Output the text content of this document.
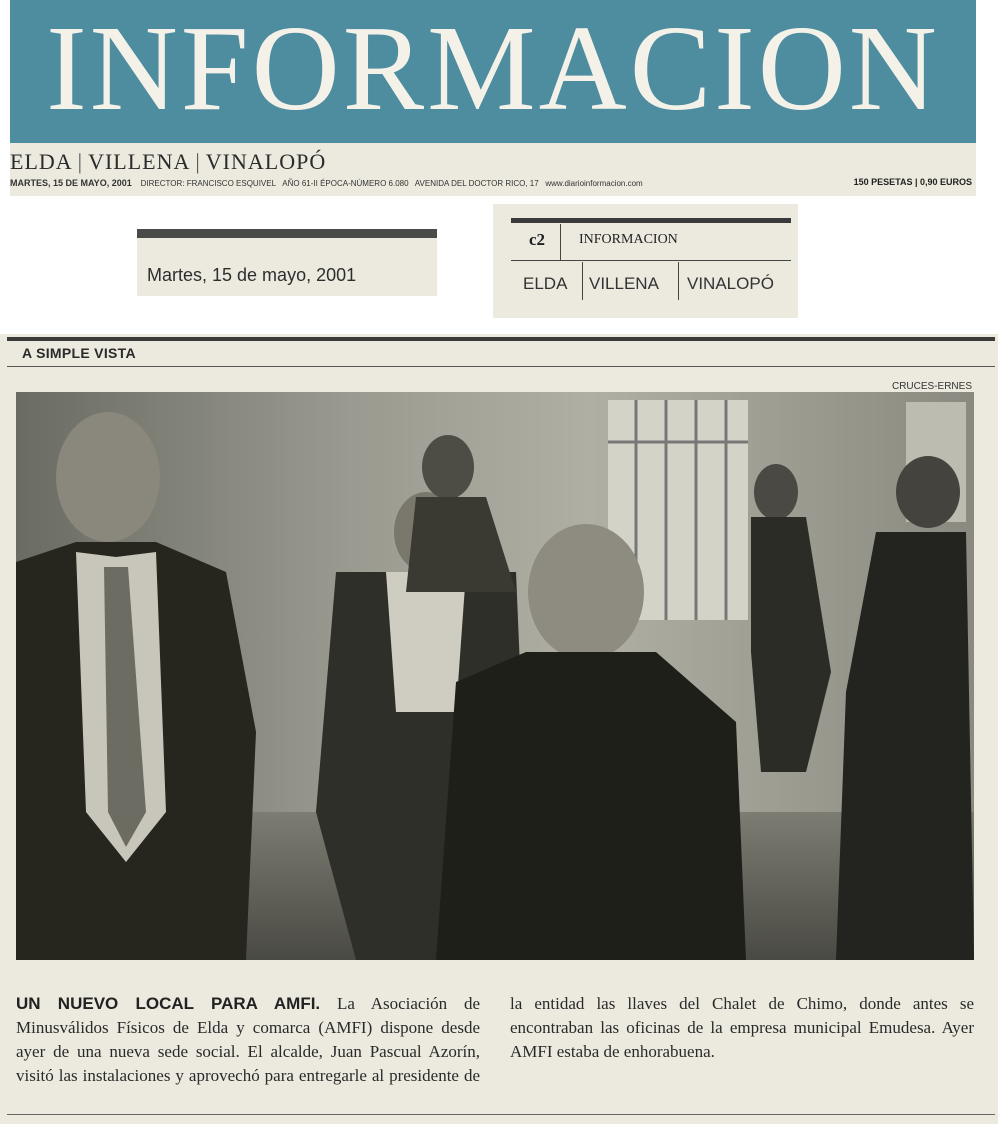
INFORMACION
ELDA | VILLENA | VINALOPÓ
MARTES, 15 DE MAYO, 2001 DIRECTOR: FRANCISCO ESQUIVEL AÑO 61-II ÉPOCA-NÚMERO 6.080 AVENIDA DEL DOCTOR RICO, 17 www.diarioinformacion.com	150 PESETAS | 0,90 EUROS
Martes, 15 de mayo, 2001
c2 INFORMACION
ELDA VILLENA VINALOPÓ
A SIMPLE VISTA
CRUCES-ERNES
UN NUEVO LOCAL PARA AMFI. La Asociación de Minusválidos Físicos de Elda y comarca (AMFI) dispone desde ayer de una nueva sede social. El alcalde, Juan Pascual Azorín, visitó las instalaciones y aprovechó para entregarle al presidente de la entidad las llaves del Chalet de Chimo, donde antes se encontraban las oficinas de la empresa municipal Emudesa. Ayer AMFI estaba de enhorabuena.
